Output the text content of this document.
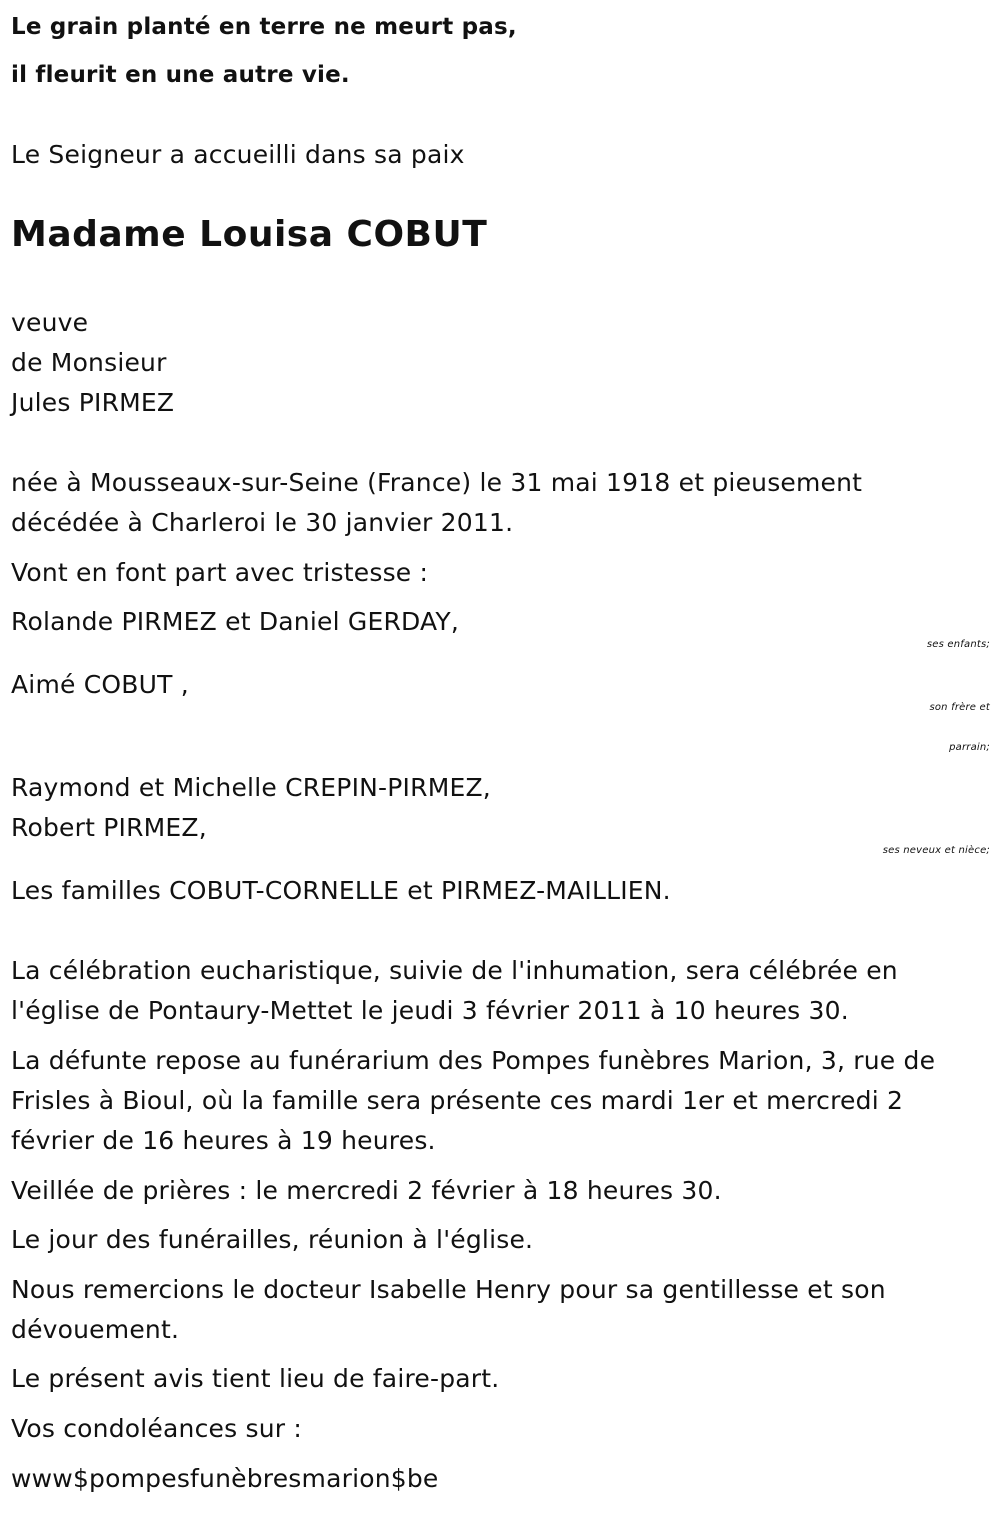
Le grain planté en terre ne meurt pas,

il fleurit en une autre vie.

Le Seigneur a accueilli dans sa paix

Madame Louisa COBUT

veuve

de Monsieur

Jules PIRMEZ

née à Mousseaux-sur-Seine (France) le 31 mai 1918 et pieusement

décédée à Charleroi le 30 janvier 2011.

Vont en font part avec tristesse :

Rolande PIRMEZ et Daniel GERDAY,

ses enfants;

Aimé COBUT ,

son frère et

parrain;

Raymond et Michelle CREPIN-PIRMEZ,

Robert PIRMEZ,

ses neveux et nièce;

Les familles COBUT-CORNELLE et PIRMEZ-MAILLIEN.

La célébration eucharistique, suivie de l'inhumation, sera célébrée en

l'église de Pontaury-Mettet le jeudi 3 février 2011 à 10 heures 30.

La défunte repose au funérarium des Pompes funèbres Marion, 3, rue de

Frisles à Bioul, où la famille sera présente ces mardi 1er et mercredi 2

février de 16 heures à 19 heures.

Veillée de prières : le mercredi 2 février à 18 heures 30.

Le jour des funérailles, réunion à l'église.

Nous remercions le docteur Isabelle Henry pour sa gentillesse et son

dévouement.

Le présent avis tient lieu de faire-part.

Vos condoléances sur :

www$pompesfunèbresmarion$be
